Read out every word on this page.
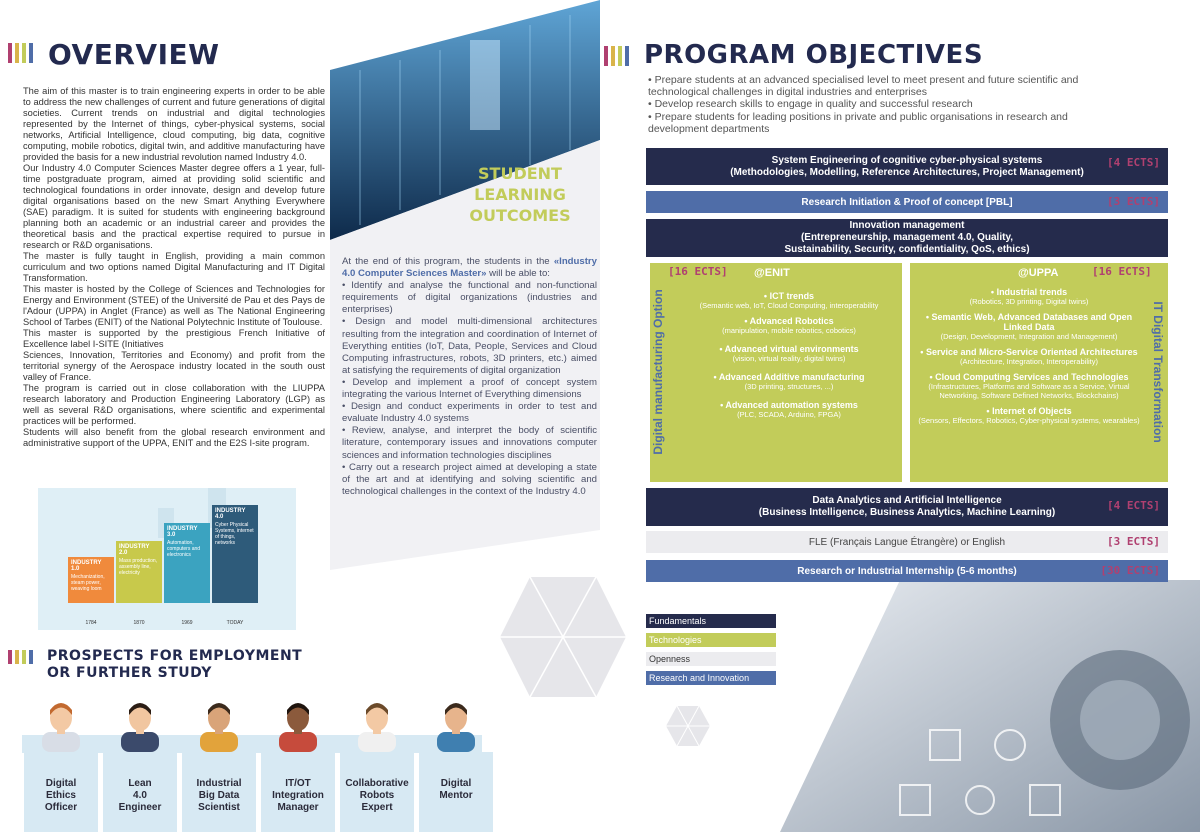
OVERVIEW
The aim of this master is to train engineering experts in order to be able to address the new challenges of current and future generations of digital societies. Current trends on industrial and digital technologies represented by the Internet of things, cyber-physical systems, social networks, Artificial Intelligence, cloud computing, big data, cognitive computing, mobile robotics, digital twin, and additive manufacturing have provided the basis for a new industrial revolution named Industry 4.0.
Our Industry 4.0 Computer Sciences Master degree offers a 1 year, full-time postgraduate program, aimed at providing solid scientific and technological foundations in order innovate, design and develop future digital organisations based on the new Smart Anything Everywhere (SAE) paradigm. It is suited for students with engineering background planning both an academic or an industrial career and provides the theoretical basis and the practical expertise required to pursue in research or R&D organisations.
The master is fully taught in English, providing a main common curriculum and two options named Digital Manufacturing and IT Digital Transformation.
This master is hosted by the College of Sciences and Technologies for Energy and Environment (STEE) of the Université de Pau et des Pays de l'Adour (UPPA) in Anglet (France) as well as The National Engineering School of Tarbes (ENIT) of the National Polytechnic Institute of Toulouse.
This master is supported by the prestigious French Initiative of Excellence label I-SITE (Initiatives
Sciences, Innovation, Territories and Economy) and profit from the territorial synergy of the Aerospace industry located in the south oust valley of France.
The program is carried out in close collaboration with the LIUPPA research laboratory and Production Engineering Laboratory (LGP) as well as several R&D organisations, where scientific and experimental practices will be performed.
Students will also benefit from the global research environment and administrative support of the UPPA, ENIT and the E2S I-site program.
INDUSTRY 1.0
Mechanization, steam power, weaving loom
1784
INDUSTRY 2.0
Mass production, assembly line, electricity
1870
INDUSTRY 3.0
Automation, computers and electronics
1969
INDUSTRY 4.0
Cyber Physical Systems, internet of things, networks
TODAY
STUDENT
LEARNING
OUTCOMES
At the end of this program, the students in the «Industry 4.0 Computer Sciences Master» will be able to:
• Identify and analyse the functional and non-functional requirements of digital organizations (industries and enterprises)
• Design and model multi-dimensional architectures resulting from the integration and coordination of Internet of Everything entities (IoT, Data, People, Services and Cloud Computing infrastructures, robots, 3D printers, etc.) aimed at satisfying the requirements of digital organization
• Develop and implement a proof of concept system integrating the various Internet of Everything dimensions
• Design and conduct experiments in order to test and evaluate Industry 4.0 systems
• Review, analyse, and interpret the body of scientific literature, contemporary issues and innovations computer sciences and information technologies disciplines
• Carry out a research project aimed at developing a state of the art and at identifying and solving scientific and technological challenges in the context of the Industry 4.0
PROGRAM OBJECTIVES
• Prepare students at an advanced specialised level to meet present and future scientific and technological challenges in digital industries and enterprises
• Develop research skills to engage in quality and successful research
• Prepare students for leading positions in private and public organisations in research and development departments
System Engineering of cognitive cyber-physical systems
(Methodologies, Modelling, Reference Architectures, Project Management)
[4 ECTS]
Research Initiation & Proof of concept [PBL]	[3 ECTS]
Innovation management
(Entrepreneurship, management 4.0, Quality,
Sustainability, Security, confidentiality, QoS, ethics)
[16 ECTS] @ENIT
Digital manufacturing Option
•	ICT trends
(Semantic web, IoT, Cloud Computing, interoperability
• Advanced Robotics
(manipulation, mobile robotics, cobotics)
• Advanced virtual environments
(vision, virtual reality, digital twins)
• Advanced Additive manufacturing
(3D printing, structures, ...)
• Advanced automation systems
(PLC, SCADA, Arduino, FPGA)
@UPPA	[16 ECTS]
IT Digital Transformation
• Industrial trends
(Robotics, 3D printing, Digital twins)
• Semantic Web, Advanced Databases and Open Linked Data
(Design, Development, Integration and Management)
• Service and Micro-Service Oriented Architectures
(Architecture, Integration, Interoperability)
• Cloud Computing Services and Technologies
(Infrastructures, Platforms and Software as a Service, Virtual Networking, Software Defined Networks, Blockchains)
• Internet of Objects
(Sensors, Effectors, Robotics, Cyber-physical systems, wearables)
Data Analytics and Artificial Intelligence
(Business Intelligence, Business Analytics, Machine Learning)
[4 ECTS]
FLE (Français Langue Étrangère) or English	[3 ECTS]
Research or Industrial Internship (5-6 months)	[30 ECTS]
Fundamentals
Technologies
Openness
Research and Innovation
PROSPECTS FOR EMPLOYMENT
OR FURTHER STUDY
Digital
Ethics
Officer
Lean
4.0
Engineer
Industrial
Big Data
Scientist
IT/OT
Integration
Manager
Collaborative
Robots
Expert
Digital
Mentor
